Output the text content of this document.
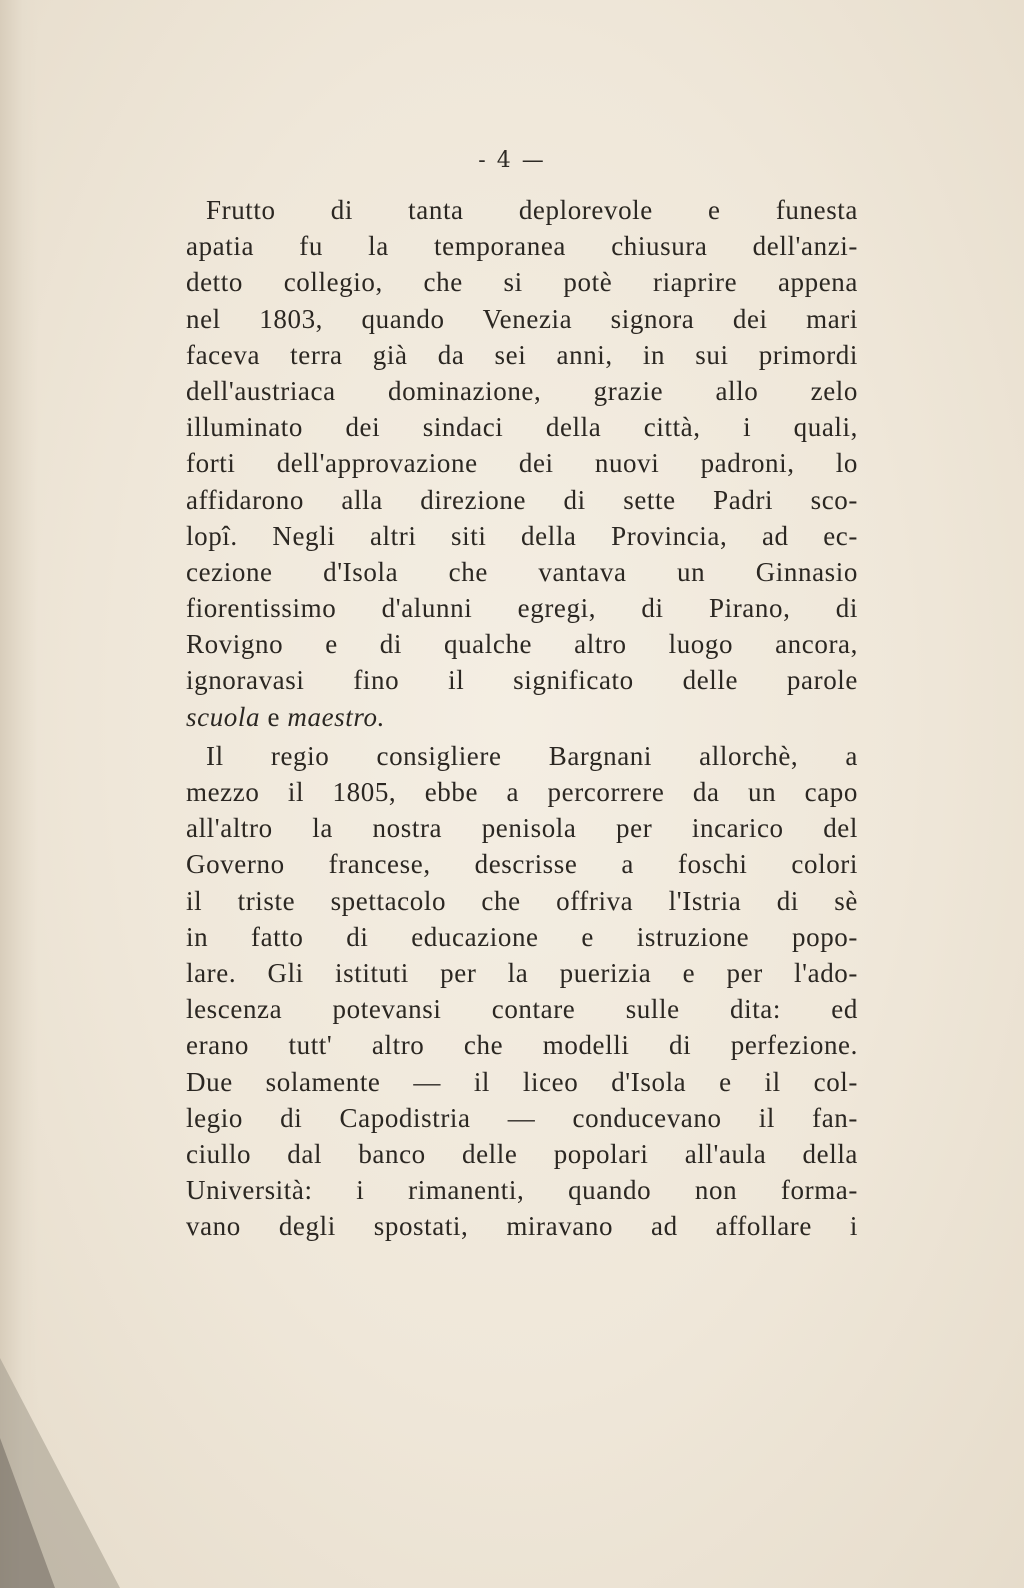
- 4 —
Frutto di tanta deplorevole e funesta
apatia fu la temporanea chiusura dell'anzi-
detto collegio, che si potè riaprire appena
nel 1803, quando Venezia signora dei mari
faceva terra già da sei anni, in sui primordi
dell'austriaca dominazione, grazie allo zelo
illuminato dei sindaci della città, i quali,
forti dell'approvazione dei nuovi padroni, lo
affidarono alla direzione di sette Padri sco-
lopî. Negli altri siti della Provincia, ad ec-
cezione d'Isola che vantava un Ginnasio
fiorentissimo d'alunni egregi, di Pirano, di
Rovigno e di qualche altro luogo ancora,
ignoravasi fino il significato delle parole
scuola e maestro.
Il regio consigliere Bargnani allorchè, a
mezzo il 1805, ebbe a percorrere da un capo
all'altro la nostra penisola per incarico del
Governo francese, descrisse a foschi colori
il triste spettacolo che offriva l'Istria di sè
in fatto di educazione e istruzione popo-
lare. Gli istituti per la puerizia e per l'ado-
lescenza potevansi contare sulle dita: ed
erano tutt' altro che modelli di perfezione.
Due solamente — il liceo d'Isola e il col-
legio di Capodistria — conducevano il fan-
ciullo dal banco delle popolari all'aula della
Università: i rimanenti, quando non forma-
vano degli spostati, miravano ad affollare i
